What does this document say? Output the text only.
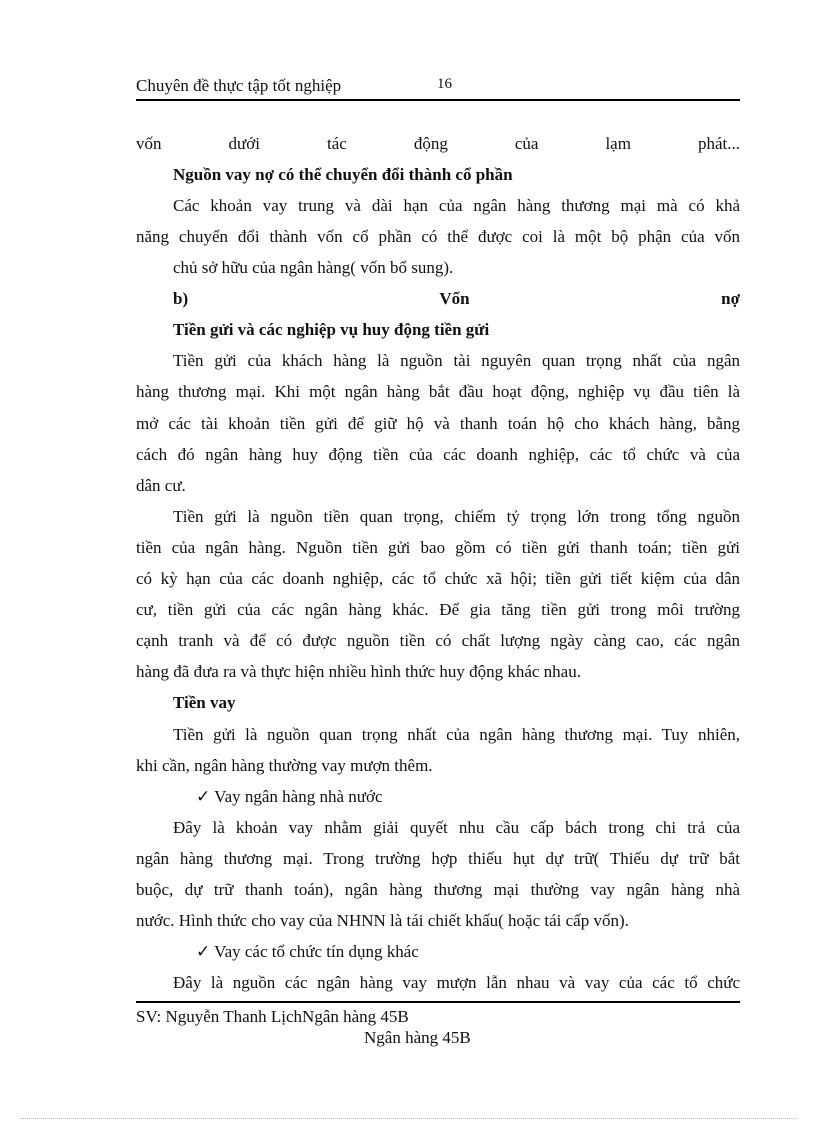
Chuyên đề thực tập tốt nghiệp	16
vốn dưới tác động của lạm phát...
Nguồn vay nợ có thể chuyển đổi thành cổ phần
Các khoản vay trung và dài hạn của ngân hàng thương mại mà có khả
năng chuyển đổi thành vốn cổ phần có thể được coi là một bộ phận của vốn
chủ sở hữu của ngân hàng( vốn bổ sung).
b) Vốn nợ
Tiền gửi và các nghiệp vụ huy động tiền gửi
Tiền gửi của khách hàng là nguồn tài nguyên quan trọng nhất của ngân
hàng thương mại. Khi một ngân hàng bắt đầu hoạt động, nghiệp vụ đầu tiên là
mở các tài khoản tiền gửi để giữ hộ và thanh toán hộ cho khách hàng, bằng
cách đó ngân hàng huy động tiền của các doanh nghiệp, các tổ chức và của
dân cư.
Tiền gửi là nguồn tiền quan trọng, chiếm tỷ trọng lớn trong tổng nguồn
tiền của ngân hàng. Nguồn tiền gửi bao gồm có tiền gửi thanh toán; tiền gửi
có kỳ hạn của các doanh nghiệp, các tổ chức xã hội; tiền gửi tiết kiệm của dân
cư, tiền gửi của các ngân hàng khác. Để gia tăng tiền gửi trong môi trường
cạnh tranh và để có được nguồn tiền có chất lượng ngày càng cao, các ngân
hàng đã đưa ra và thực hiện nhiều hình thức huy động khác nhau.
Tiền vay
Tiền gửi là nguồn quan trọng nhất của ngân hàng thương mại. Tuy nhiên,
khi cần, ngân hàng thường vay mượn thêm.
✓ Vay ngân hàng nhà nước
Đây là khoản vay nhằm giải quyết nhu cầu cấp bách trong chi trả của
ngân hàng thương mại. Trong trường hợp thiếu hụt dự trữ( Thiếu dự trữ bắt
buộc, dự trữ thanh toán), ngân hàng thương mại thường vay ngân hàng nhà
nước. Hình thức cho vay của NHNN là tái chiết khấu( hoặc tái cấp vốn).
✓ Vay các tổ chức tín dụng khác
Đây là nguồn các ngân hàng vay mượn lẫn nhau và vay của các tổ chức
SV: Nguyễn Thanh LịchNgân hàng 45B
Ngân hàng 45B
